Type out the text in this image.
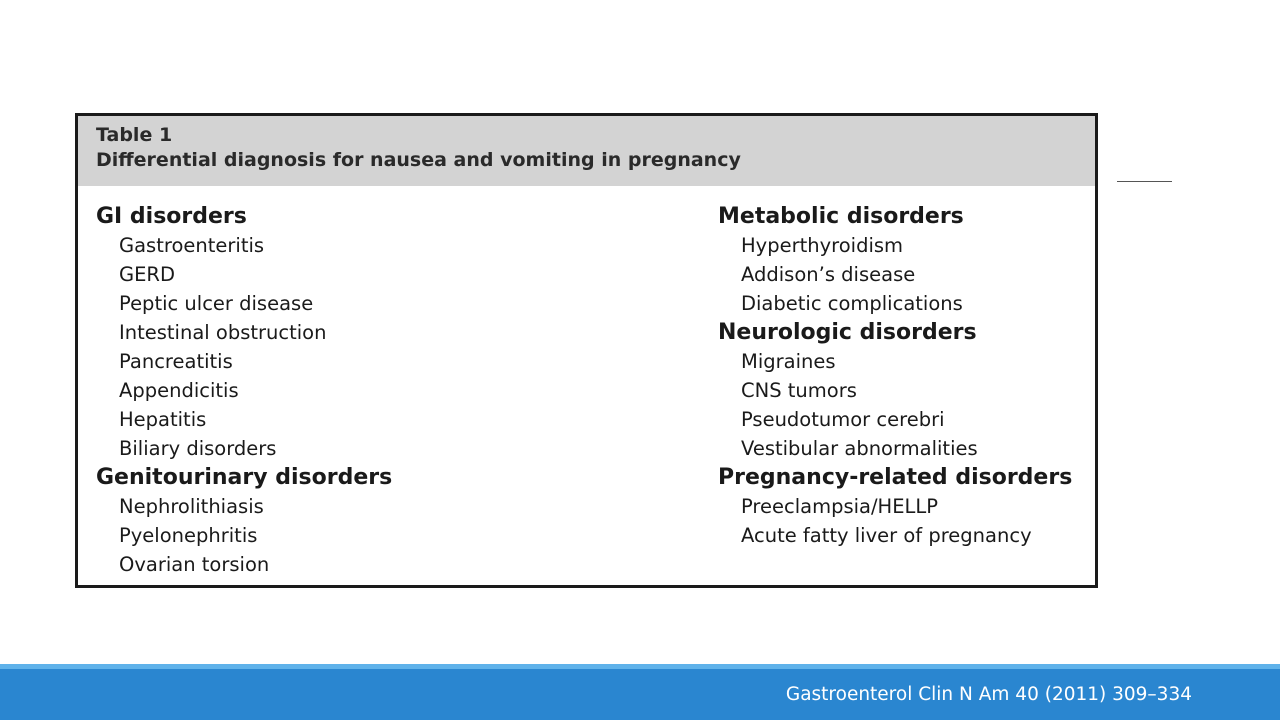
Table 1
Differential diagnosis for nausea and vomiting in pregnancy
GI disorders
Gastroenteritis
GERD
Peptic ulcer disease
Intestinal obstruction
Pancreatitis
Appendicitis
Hepatitis
Biliary disorders
Genitourinary disorders
Nephrolithiasis
Pyelonephritis
Ovarian torsion
Metabolic disorders
Hyperthyroidism
Addison’s disease
Diabetic complications
Neurologic disorders
Migraines
CNS tumors
Pseudotumor cerebri
Vestibular abnormalities
Pregnancy-related disorders
Preeclampsia/HELLP
Acute fatty liver of pregnancy
Gastroenterol Clin N Am 40 (2011) 309–334
